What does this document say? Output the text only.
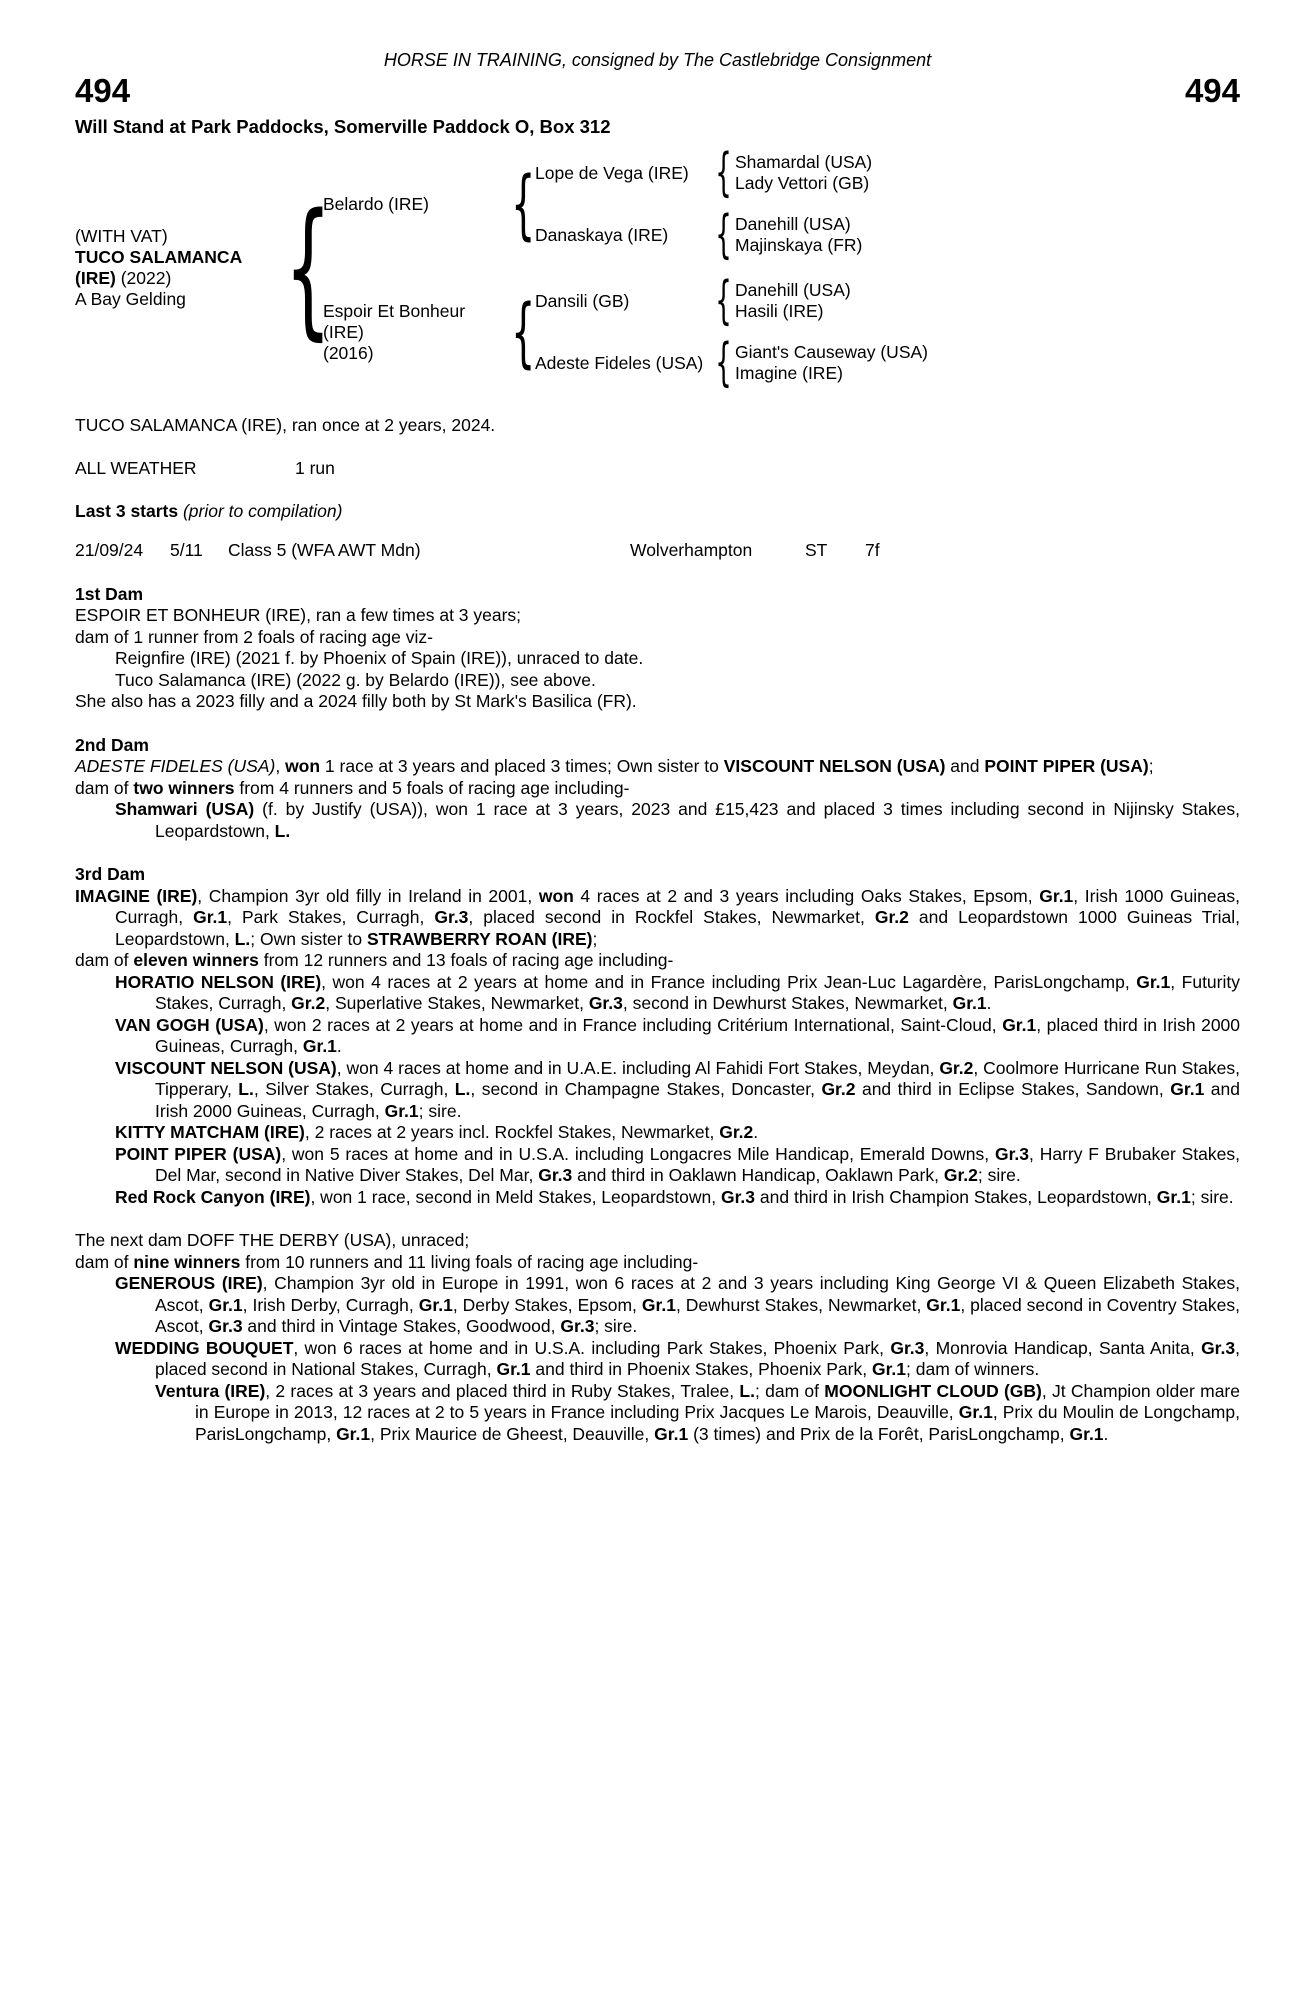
HORSE IN TRAINING, consigned by The Castlebridge Consignment
494	494
Will Stand at Park Paddocks, Somerville Paddock O, Box 312
(WITH VAT)
TUCO SALAMANCA
(IRE) (2022)
A Bay Gelding {
Belardo (IRE)	{ Lope de Vega (IRE) { Shamardal (USA)
Lady Vettori (GB)
Danaskaya (IRE) { Danehill (USA)
Majinskaya (FR)
Espoir Et Bonheur
(IRE)
(2016)	{ Dansili (GB)	{ Danehill (USA)
Hasili (IRE)
Adeste Fideles (USA) { Giant's Causeway (USA)
Imagine (IRE)

TUCO SALAMANCA (IRE), ran once at 2 years, 2024.

ALL WEATHER	1 run

Last 3 starts (prior to compilation)

21/09/24	5/11	Class 5 (WFA AWT Mdn)	Wolverhampton	ST	7f

1st Dam

ESPOIR ET BONHEUR (IRE), ran a few times at 3 years;

dam of 1 runner from 2 foals of racing age viz-

Reignfire (IRE) (2021 f. by Phoenix of Spain (IRE)), unraced to date.

Tuco Salamanca (IRE) (2022 g. by Belardo (IRE)), see above.

She also has a 2023 filly and a 2024 filly both by St Mark's Basilica (FR).

2nd Dam

ADESTE FIDELES (USA), won 1 race at 3 years and placed 3 times; Own sister to VISCOUNT NELSON (USA) and POINT PIPER (USA);

dam of two winners from 4 runners and 5 foals of racing age including-

Shamwari (USA) (f. by Justify (USA)), won 1 race at 3 years, 2023 and £15,423 and placed 3 times including second in Nijinsky Stakes, Leopardstown, L.

3rd Dam

IMAGINE (IRE), Champion 3yr old filly in Ireland in 2001, won 4 races at 2 and 3 years including Oaks Stakes, Epsom, Gr.1, Irish 1000 Guineas, Curragh, Gr.1, Park Stakes, Curragh, Gr.3, placed second in Rockfel Stakes, Newmarket, Gr.2 and Leopardstown 1000 Guineas Trial, Leopardstown, L.; Own sister to STRAWBERRY ROAN (IRE);

dam of eleven winners from 12 runners and 13 foals of racing age including-

HORATIO NELSON (IRE), won 4 races at 2 years at home and in France including Prix Jean-Luc Lagardère, ParisLongchamp, Gr.1, Futurity Stakes, Curragh, Gr.2, Superlative Stakes, Newmarket, Gr.3, second in Dewhurst Stakes, Newmarket, Gr.1.

VAN GOGH (USA), won 2 races at 2 years at home and in France including Critérium International, Saint-Cloud, Gr.1, placed third in Irish 2000 Guineas, Curragh, Gr.1.

VISCOUNT NELSON (USA), won 4 races at home and in U.A.E. including Al Fahidi Fort Stakes, Meydan, Gr.2, Coolmore Hurricane Run Stakes, Tipperary, L., Silver Stakes, Curragh, L., second in Champagne Stakes, Doncaster, Gr.2 and third in Eclipse Stakes, Sandown, Gr.1 and Irish 2000 Guineas, Curragh, Gr.1; sire.

KITTY MATCHAM (IRE), 2 races at 2 years incl. Rockfel Stakes, Newmarket, Gr.2.

POINT PIPER (USA), won 5 races at home and in U.S.A. including Longacres Mile Handicap, Emerald Downs, Gr.3, Harry F Brubaker Stakes, Del Mar, second in Native Diver Stakes, Del Mar, Gr.3 and third in Oaklawn Handicap, Oaklawn Park, Gr.2; sire.

Red Rock Canyon (IRE), won 1 race, second in Meld Stakes, Leopardstown, Gr.3 and third in Irish Champion Stakes, Leopardstown, Gr.1; sire.

The next dam DOFF THE DERBY (USA), unraced;

dam of nine winners from 10 runners and 11 living foals of racing age including-

GENEROUS (IRE), Champion 3yr old in Europe in 1991, won 6 races at 2 and 3 years including King George VI & Queen Elizabeth Stakes, Ascot, Gr.1, Irish Derby, Curragh, Gr.1, Derby Stakes, Epsom, Gr.1, Dewhurst Stakes, Newmarket, Gr.1, placed second in Coventry Stakes, Ascot, Gr.3 and third in Vintage Stakes, Goodwood, Gr.3; sire.

WEDDING BOUQUET, won 6 races at home and in U.S.A. including Park Stakes, Phoenix Park, Gr.3, Monrovia Handicap, Santa Anita, Gr.3, placed second in National Stakes, Curragh, Gr.1 and third in Phoenix Stakes, Phoenix Park, Gr.1; dam of winners.

Ventura (IRE), 2 races at 3 years and placed third in Ruby Stakes, Tralee, L.; dam of MOONLIGHT CLOUD (GB), Jt Champion older mare in Europe in 2013, 12 races at 2 to 5 years in France including Prix Jacques Le Marois, Deauville, Gr.1, Prix du Moulin de Longchamp, ParisLongchamp, Gr.1, Prix Maurice de Gheest, Deauville, Gr.1 (3 times) and Prix de la Forêt, ParisLongchamp, Gr.1.
